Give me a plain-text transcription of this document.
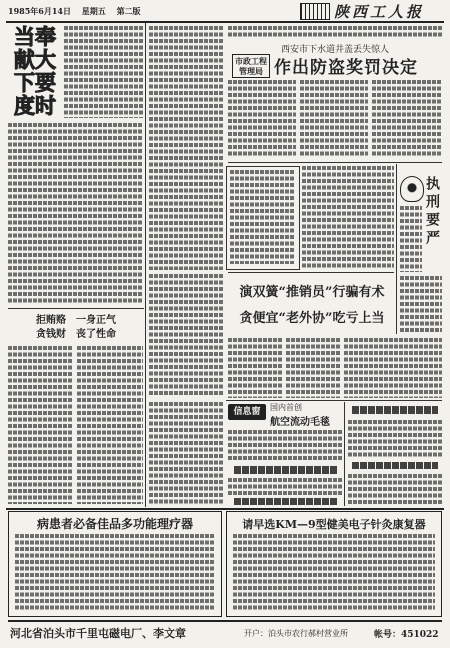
1985年6月14日 星期五 第二版	陕西工人报
当奉
献大
下要
度时
拒贿赂　一身正气
贪钱财　丧了性命
西安市下水道井盖丢失惊人
市政工程
管理局 作出防盗奖罚决定
执刑要严
演双簧“推销员”行骗有术
贪便宜“老外协”吃亏上当
信息窗	国内首创
航空流动毛毯
病患者必备佳品多功能理疗器	请早选KM—9型健美电子针灸康复器
河北省泊头市千里屯磁电厂、李文章	开户：泊头市农行郝村营业所	帐号：451022
